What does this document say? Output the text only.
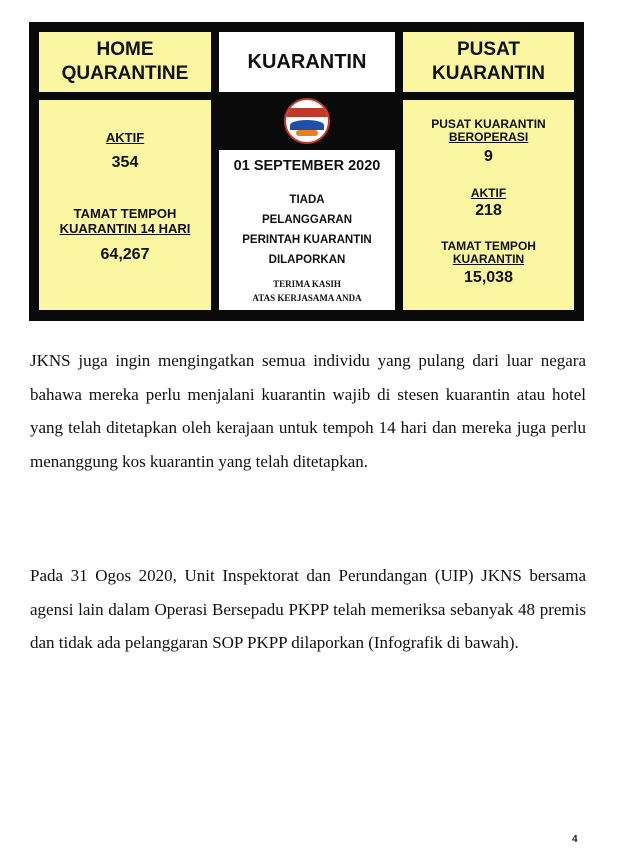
HOME
QUARANTINE
KUARANTIN
PUSAT
KUARANTIN
AKTIF
354
TAMAT TEMPOH
KUARANTIN 14 HARI
64,267
01 SEPTEMBER 2020
TIADA
PELANGGARAN
PERINTAH KUARANTIN
DILAPORKAN
TERIMA KASIH
ATAS KERJASAMA ANDA
PUSAT KUARANTIN
BEROPERASI
9
AKTIF
218
TAMAT TEMPOH
KUARANTIN
15,038

JKNS juga ingin mengingatkan semua individu yang pulang dari luar negara bahawa mereka perlu menjalani kuarantin wajib di stesen kuarantin atau hotel yang telah ditetapkan oleh kerajaan untuk tempoh 14 hari dan mereka juga perlu menanggung kos kuarantin yang telah ditetapkan.

Pada 31 Ogos 2020, Unit Inspektorat dan Perundangan (UIP) JKNS bersama agensi lain dalam Operasi Bersepadu PKPP telah memeriksa sebanyak 48 premis dan tidak ada pelanggaran SOP PKPP dilaporkan (Infografik di bawah).

4
